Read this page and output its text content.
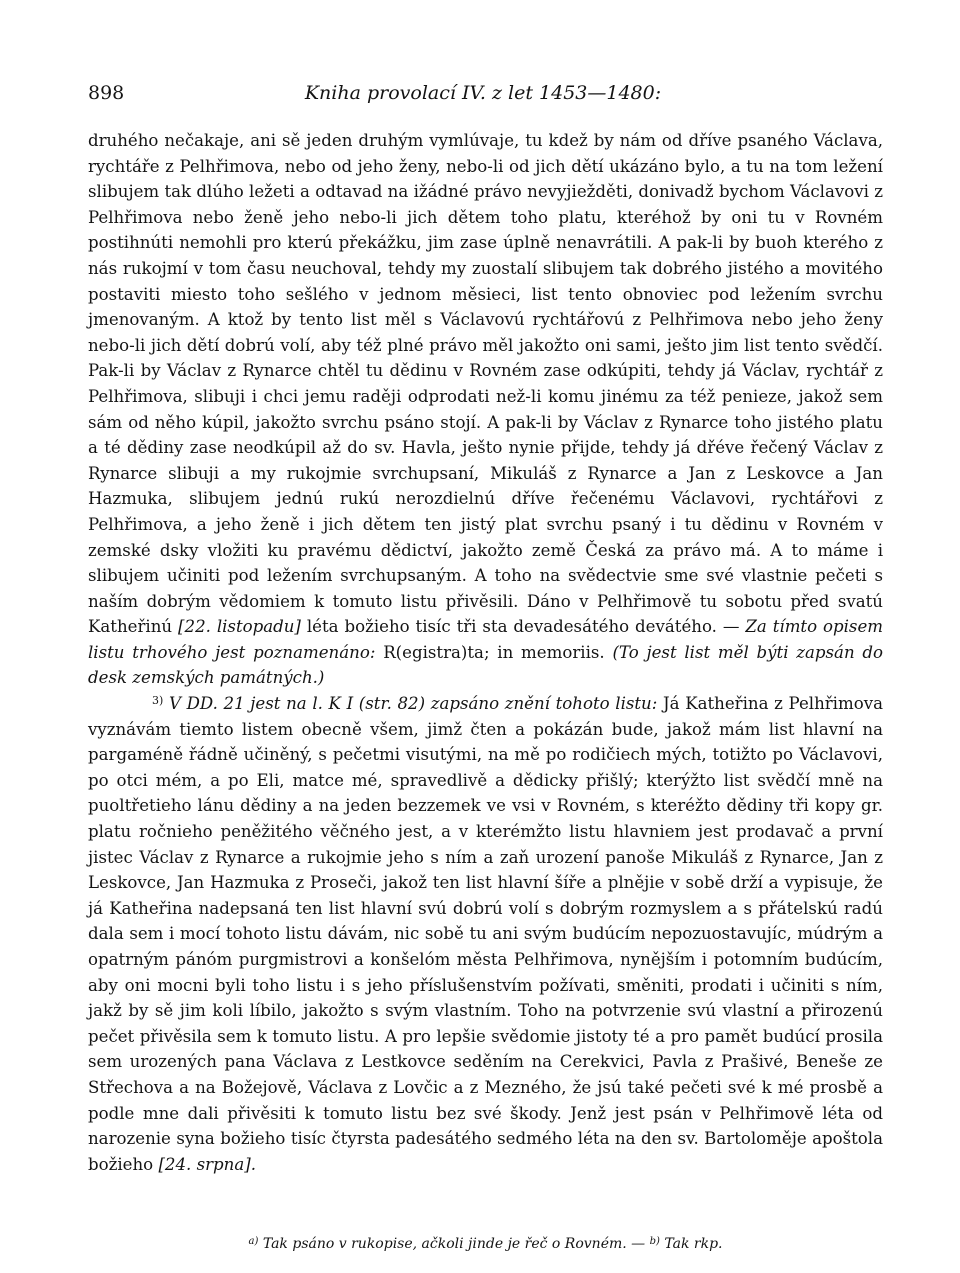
898	Kniha provolací IV. z let 1453—1480:

druhého nečakaje, ani sě jeden druhým vymlúvaje, tu kdež by nám od dříve psaného Václava, rychtáře z Pelhřimova, nebo od jeho ženy, nebo-li od jich dětí ukázáno bylo, a tu na tom ležení slibujem tak dlúho ležeti a odtavad na ižádné právo nevyjiežděti, donivadž bychom Václavovi z Pelhřimova nebo ženě jeho nebo-li jich dětem toho platu, kteréhož by oni tu v Rovném postihnúti nemohli pro kterú překážku, jim zase úplně nenavrátili. A pak-li by buoh kterého z nás rukojmí v tom času neuchoval, tehdy my zuostalí slibujem tak dobrého jistého a movitého postaviti miesto toho sešlého v jednom měsieci, list tento obnoviec pod ležením svrchu jmenovaným. A ktož by tento list měl s Václavovú rychtářovú z Pelhřimova nebo jeho ženy nebo-li jich dětí dobrú volí, aby též plné právo měl jakožto oni sami, ješto jim list tento svědčí. Pak-li by Václav z Rynarce chtěl tu dědinu v Rovném zase odkúpiti, tehdy já Václav, rychtář z Pelhřimova, slibuji i chci jemu raději odprodati než-li komu jinému za též penieze, jakož sem sám od něho kúpil, jakožto svrchu psáno stojí. A pak-li by Václav z Rynarce toho jistého platu a té dědiny zase neodkúpil až do sv. Havla, ješto nynie přijde, tehdy já dřéve řečený Václav z Rynarce slibuji a my rukojmie svrchupsaní, Mikuláš z Rynarce a Jan z Leskovce a Jan Hazmuka, slibujem jednú rukú nerozdielnú dříve řečenému Václavovi, rychtářovi z Pelhřimova, a jeho ženě i jich dětem ten jistý plat svrchu psaný i tu dědinu v Rovném v zemské dsky vložiti ku pravému dědictví, jakožto země Česká za právo má. A to máme i slibujem učiniti pod ležením svrchupsaným. A toho na svědectvie sme své vlastnie pečeti s naším dobrým vědomiem k tomuto listu přivěsili. Dáno v Pelhřimově tu sobotu před svatú Katheřinú [22. listopadu] léta božieho tisíc tři sta devadesátého devátého. — Za tímto opisem listu trhového jest poznamenáno: R(egistra)ta; in memoriis. (To jest list měl býti zapsán do desk zemských památných.)

$^{3)}$ V DD. 21 jest na l. K I (str. 82) zapsáno znění tohoto listu: Já Katheřina z Pelhřimova vyznávám tiemto listem obecně všem, jimž čten a pokázán bude, jakož mám list hlavní na pargaméně řádně učiněný, s pečetmi visutými, na mě po rodičiech mých, totižto po Václavovi, po otci mém, a po Eli, matce mé, spravedlivě a dědicky přišlý; kterýžto list svědčí mně na puoltřetieho lánu dědiny a na jeden bezzemek ve vsi v Rovném, s kteréžto dědiny tři kopy gr. platu ročnieho peněžitého věčného jest, a v kterémžto listu hlavniem jest prodavač a první jistec Václav z Rynarce a rukojmie jeho s ním a zaň urození panoše Mikuláš z Rynarce, Jan z Leskovce, Jan Hazmuka z Proseči, jakož ten list hlavní šíře a plnějie v sobě drží a vypisuje, že já Katheřina nadepsaná ten list hlavní svú dobrú volí s dobrým rozmyslem a s přátelskú radú dala sem i mocí tohoto listu dávám, nic sobě tu ani svým budúcím nepozuostavujíc, múdrým a opatrným pánóm purgmistrovi a konšelóm města Pelhřimova, nynějším i potomním budúcím, aby oni mocni byli toho listu i s jeho příslušenstvím požívati, směniti, prodati i učiniti s ním, jakž by sě jim koli líbilo, jakožto s svým vlastním. Toho na potvrzenie svú vlastní a přirozenú pečet přivěsila sem k tomuto listu. A pro lepšie svědomie jistoty té a pro pamět budúcí prosila sem urozených pana Václava z Lestkovce seděním na Cerekvici, Pavla z Prašivé, Beneše ze Střechova a na Božejově, Václava z Lovčic a z Mezného, že jsú také pečeti své k mé prosbě a podle mne dali přivěsiti k tomuto listu bez své škody. Jenž jest psán v Pelhřimově léta od narozenie syna božieho tisíc čtyrsta padesátého sedmého léta na den sv. Bartoloměje apoštola božieho [24. srpna].

$^{a)}$ Tak psáno v rukopise, ačkoli jinde je řeč o Rovném. — $^{b)}$ Tak rkp.
